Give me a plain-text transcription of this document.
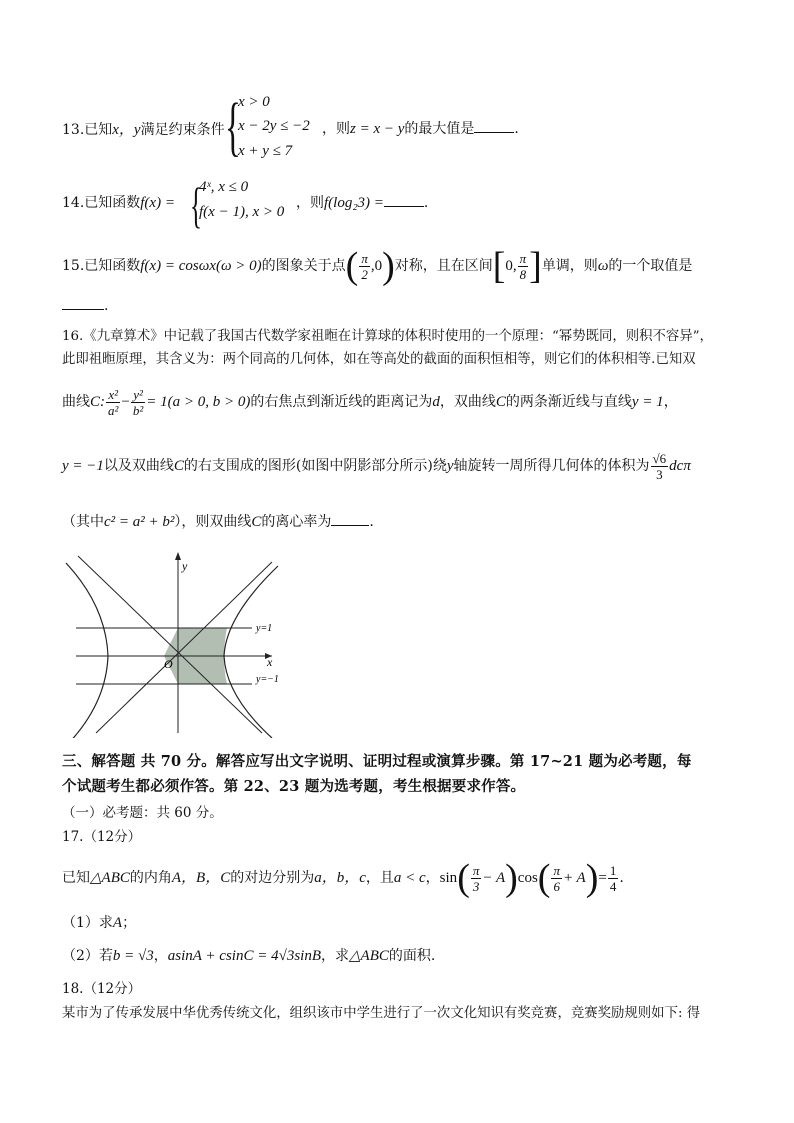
13.已知x，y满足约束条件 {
x > 0
x − 2y ≤ −2
x + y ≤ 7
，则z = x − y的最大值是	.
14.已知函数f(x) = {
4ˣ, x ≤ 0
f(x − 1), x > 0
，则f(log₂3) =	.
15.已知函数f(x) = cosωx(ω > 0)的图象关于点( $\frac{\pi}{2} ,0$)对称，且在区间[0, $\frac{\pi}{8}$ ]单调，则ω的一个取值是
.
16.《九章算术》中记载了我国古代数学家祖暅在计算球的体积时使用的一个原理：“幂势既同，则积不容异”，
此即祖暅原理，其含义为：两个同高的几何体，如在等高处的截面的面积恒相等，则它们的体积相等.已知双
曲线C: $\frac{\text{x²}}{\text{a²}} - \frac{\text{y²}}{\text{b²}} = 1(a > 0$, b > 0)的右焦点到渐近线的距离记为d，双曲线C的两条渐近线与直线y = 1，
y = −1以及双曲线C的右支围成的图形(如图中阴影部分所示)绕y轴旋转一周所得几何体的体积为 $\frac{√6}{3}$ dcπ
（其中c² = a² + b²），则双曲线C的离心率为	.
y
x
O
y=1
y=−1
三、解答题 共 70 分。解答应写出文字说明、证明过程或演算步骤。第 17~21 题为必考题，每
个试题考生都必须作答。第 22、23 题为选考题，考生根据要求作答。
（一）必考题：共 60 分。
17.（12分）
已知△ABC的内角A，B，C的对边分别为a，b，c，且a < c，$\sin( \frac{\pi}{3} - A)\cos( \frac{\pi}{6} + A)= \frac{1}{4}$ .
（1）求A；
（2）若b = √3，asinA + csinC = 4√3sinB，求△ABC的面积.
18.（12分）
某市为了传承发展中华优秀传统文化，组织该市中学生进行了一次文化知识有奖竞赛，竞赛奖励规则如下: 得
